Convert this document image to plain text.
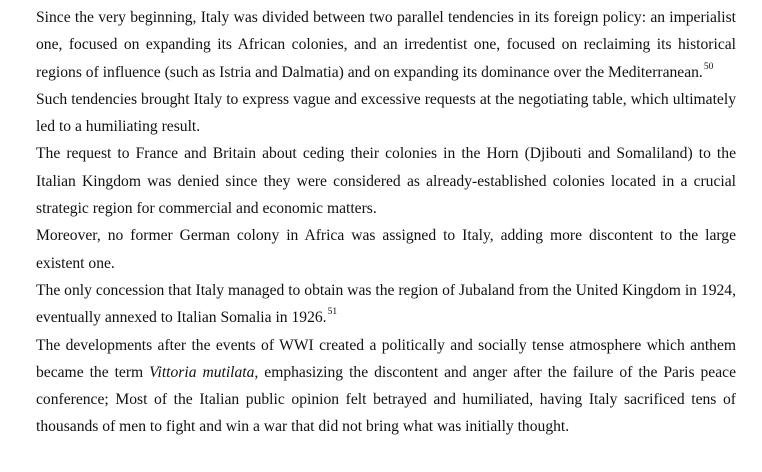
Since the very beginning, Italy was divided between two parallel tendencies in its foreign policy: an imperialist one, focused on expanding its African colonies, and an irredentist one, focused on reclaiming its historical regions of influence (such as Istria and Dalmatia) and on expanding its dominance over the Mediterranean.$^{50}$

Such tendencies brought Italy to express vague and excessive requests at the negotiating table, which ultimately led to a humiliating result.

The request to France and Britain about ceding their colonies in the Horn (Djibouti and Somaliland) to the Italian Kingdom was denied since they were considered as already-established colonies located in a crucial strategic region for commercial and economic matters.

Moreover, no former German colony in Africa was assigned to Italy, adding more discontent to the large existent one.

The only concession that Italy managed to obtain was the region of Jubaland from the United Kingdom in 1924, eventually annexed to Italian Somalia in 1926.51

The developments after the events of WWI created a politically and socially tense atmosphere which anthem became the term Vittoria mutilata, emphasizing the discontent and anger after the failure of the Paris peace conference; Most of the Italian public opinion felt betrayed and humiliated, having Italy sacrificed tens of thousands of men to fight and win a war that did not bring what was initially thought.
